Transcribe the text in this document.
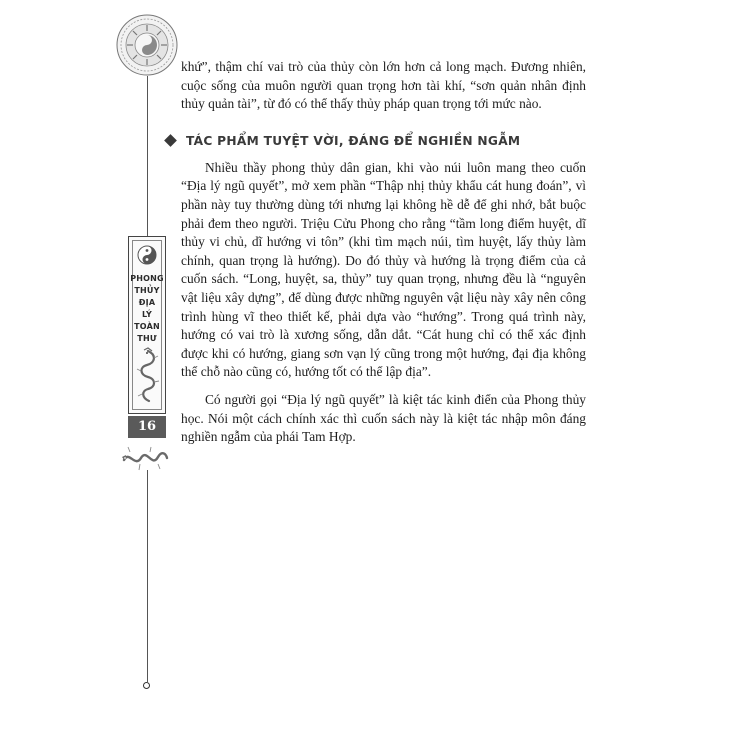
PHONG
THỦY
ĐỊA
LÝ
TOÀN
THƯ
16

khứ”, thậm chí vai trò của thủy còn lớn hơn cả long mạch. Đương nhiên, cuộc sống của muôn người quan trọng hơn tài khí, “sơn quản nhân định thủy quản tài”, từ đó có thể thấy thủy pháp quan trọng tới mức nào.

TÁC PHẨM TUYỆT VỜI, ĐÁNG ĐỂ NGHIỀN NGẪM

Nhiều thầy phong thủy dân gian, khi vào núi luôn mang theo cuốn “Địa lý ngũ quyết”, mở xem phần “Thập nhị thủy khẩu cát hung đoán”, vì phần này tuy thường dùng tới nhưng lại không hề dễ để ghi nhớ, bắt buộc phải đem theo người. Triệu Cửu Phong cho rằng “tầm long điểm huyệt, dĩ thủy vi chủ, dĩ hướng vi tôn” (khi tìm mạch núi, tìm huyệt, lấy thủy làm chính, quan trọng là hướng). Do đó thủy và hướng là trọng điểm của cả cuốn sách. “Long, huyệt, sa, thủy” tuy quan trọng, nhưng đều là “nguyên vật liệu xây dựng”, để dùng được những nguyên vật liệu này xây nên công trình hùng vĩ theo thiết kế, phải dựa vào “hướng”. Trong quá trình này, hướng có vai trò là xương sống, dẫn dắt. “Cát hung chỉ có thể xác định được khi có hướng, giang sơn vạn lý cũng trong một hướng, đại địa không thể chỗ nào cũng có, hướng tốt có thể lập địa”.

Có người gọi “Địa lý ngũ quyết” là kiệt tác kinh điển của Phong thủy học. Nói một cách chính xác thì cuốn sách này là kiệt tác nhập môn đáng nghiền ngẫm của phái Tam Hợp.
